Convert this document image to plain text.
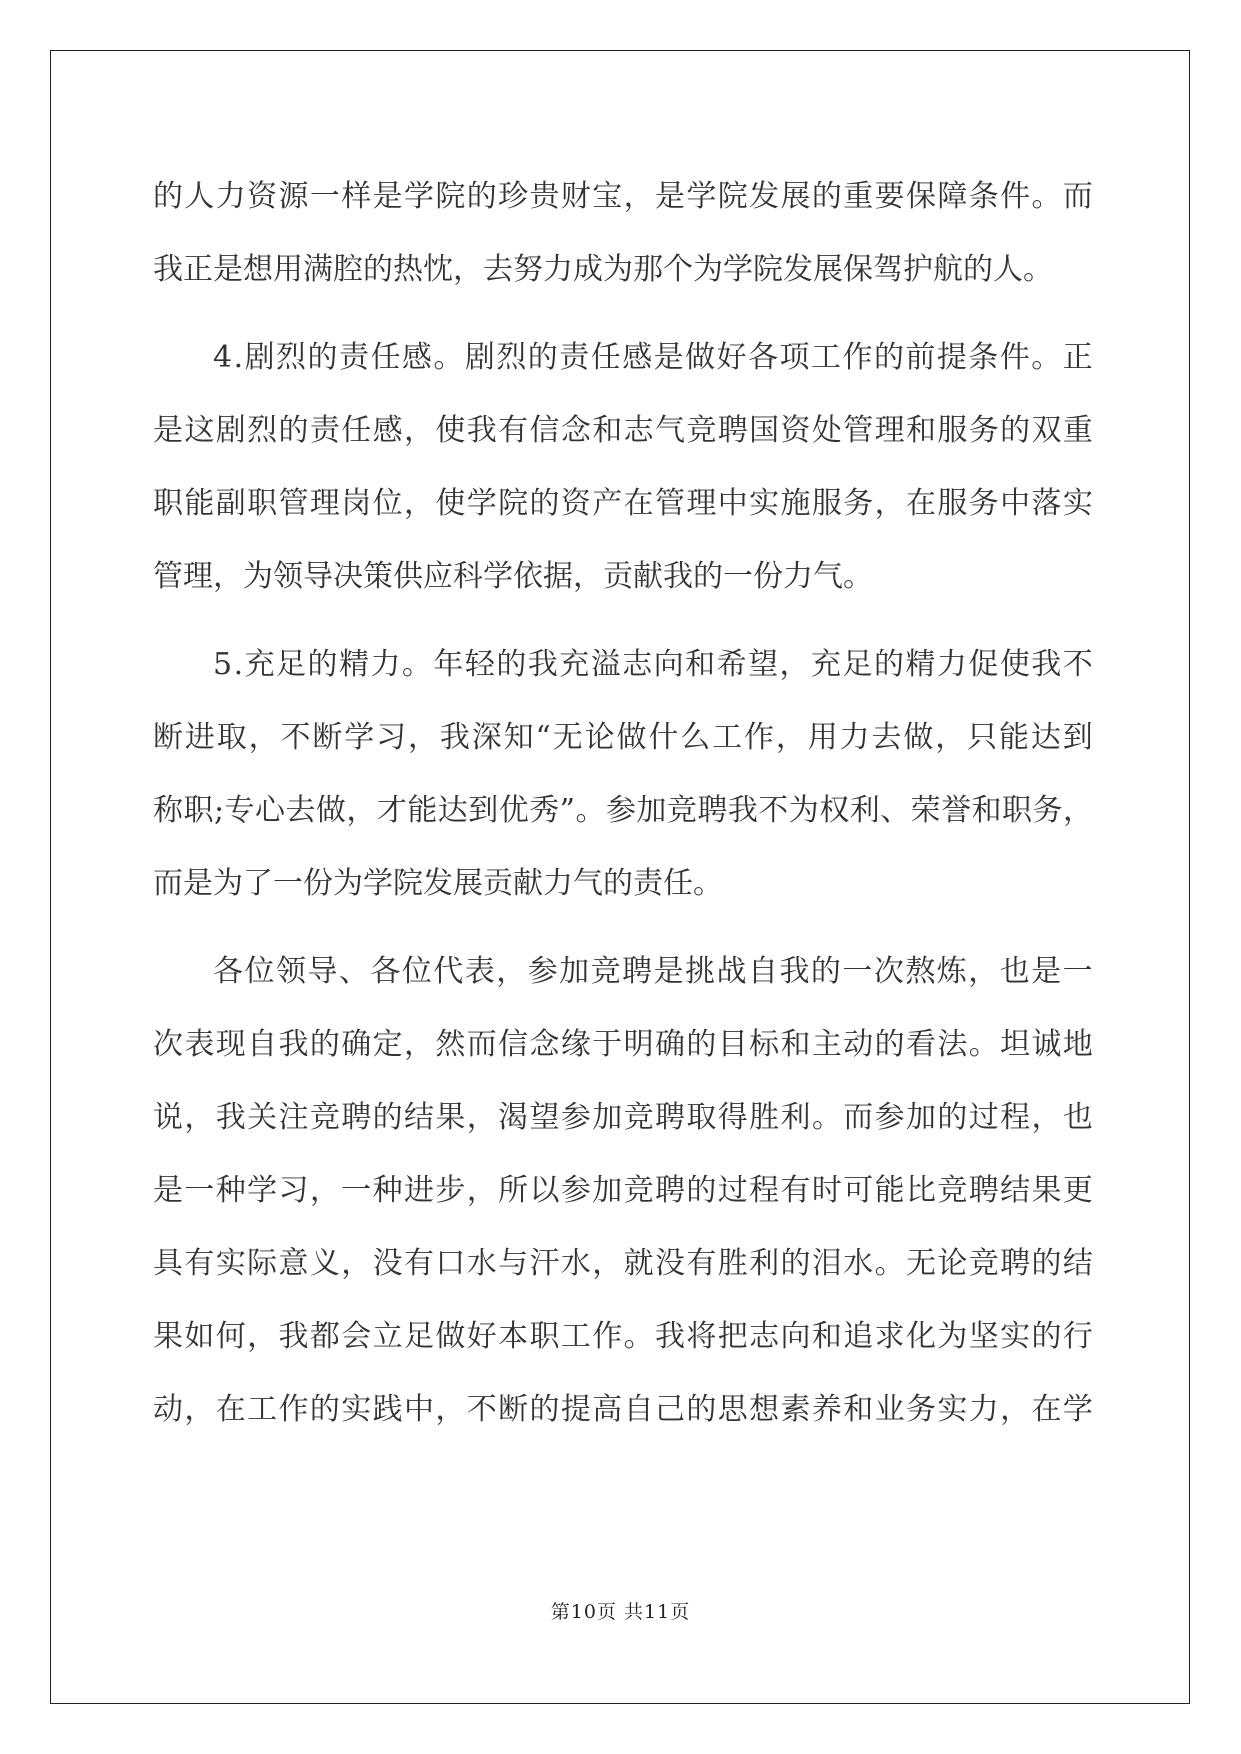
的 人 力 资 源 一 样 是 学 院 的 珍 贵 财 宝 ， 是 学 院 发 展 的 重 要 保 障 条 件 。 而
我正是想用满腔的热忱，去努力成为那个为学院发展保驾护航的人。
4 . 剧 烈 的 责 任 感 。 剧 烈 的 责 任 感 是 做 好 各 项 工 作 的 前 提 条 件 。 正
是 这 剧 烈 的 责 任 感 ， 使 我 有 信 念 和 志 气 竞 聘 国 资 处 管 理 和 服 务 的 双 重
职 能 副 职 管 理 岗 位 ， 使 学 院 的 资 产 在 管 理 中 实 施 服 务 ， 在 服 务 中 落 实
管理，为领导决策供应科学依据，贡献我的一份力气。
5 . 充 足 的 精 力 。 年 轻 的 我 充 溢 志 向 和 希 望 ， 充 足 的 精 力 促 使 我 不
断 进 取 ， 不 断 学 习 ， 我 深 知 “ 无 论 做 什 么 工 作 ， 用 力 去 做 ， 只 能 达 到
称 职 ; 专 心 去 做 ， 才 能 达 到 优 秀 ” 。 参 加 竞 聘 我 不 为 权 利 、 荣 誉 和 职 务 ，
而是为了一份为学院发展贡献力气的责任。
各 位 领 导 、 各 位 代 表 ， 参 加 竞 聘 是 挑 战 自 我 的 一 次 熬 炼 ， 也 是 一
次 表 现 自 我 的 确 定 ， 然 而 信 念 缘 于 明 确 的 目 标 和 主 动 的 看 法 。 坦 诚 地
说 ， 我 关 注 竞 聘 的 结 果 ， 渴 望 参 加 竞 聘 取 得 胜 利 。 而 参 加 的 过 程 ， 也
是 一 种 学 习 ， 一 种 进 步 ， 所 以 参 加 竞 聘 的 过 程 有 时 可 能 比 竞 聘 结 果 更
具 有 实 际 意 义 ， 没 有 口 水 与 汗 水 ， 就 没 有 胜 利 的 泪 水 。 无 论 竞 聘 的 结
果 如 何 ， 我 都 会 立 足 做 好 本 职 工 作 。 我 将 把 志 向 和 追 求 化 为 坚 实 的 行
动 ， 在 工 作 的 实 践 中 ， 不 断 的 提 高 自 己 的 思 想 素 养 和 业 务 实 力 ， 在 学
第10页 共11页
